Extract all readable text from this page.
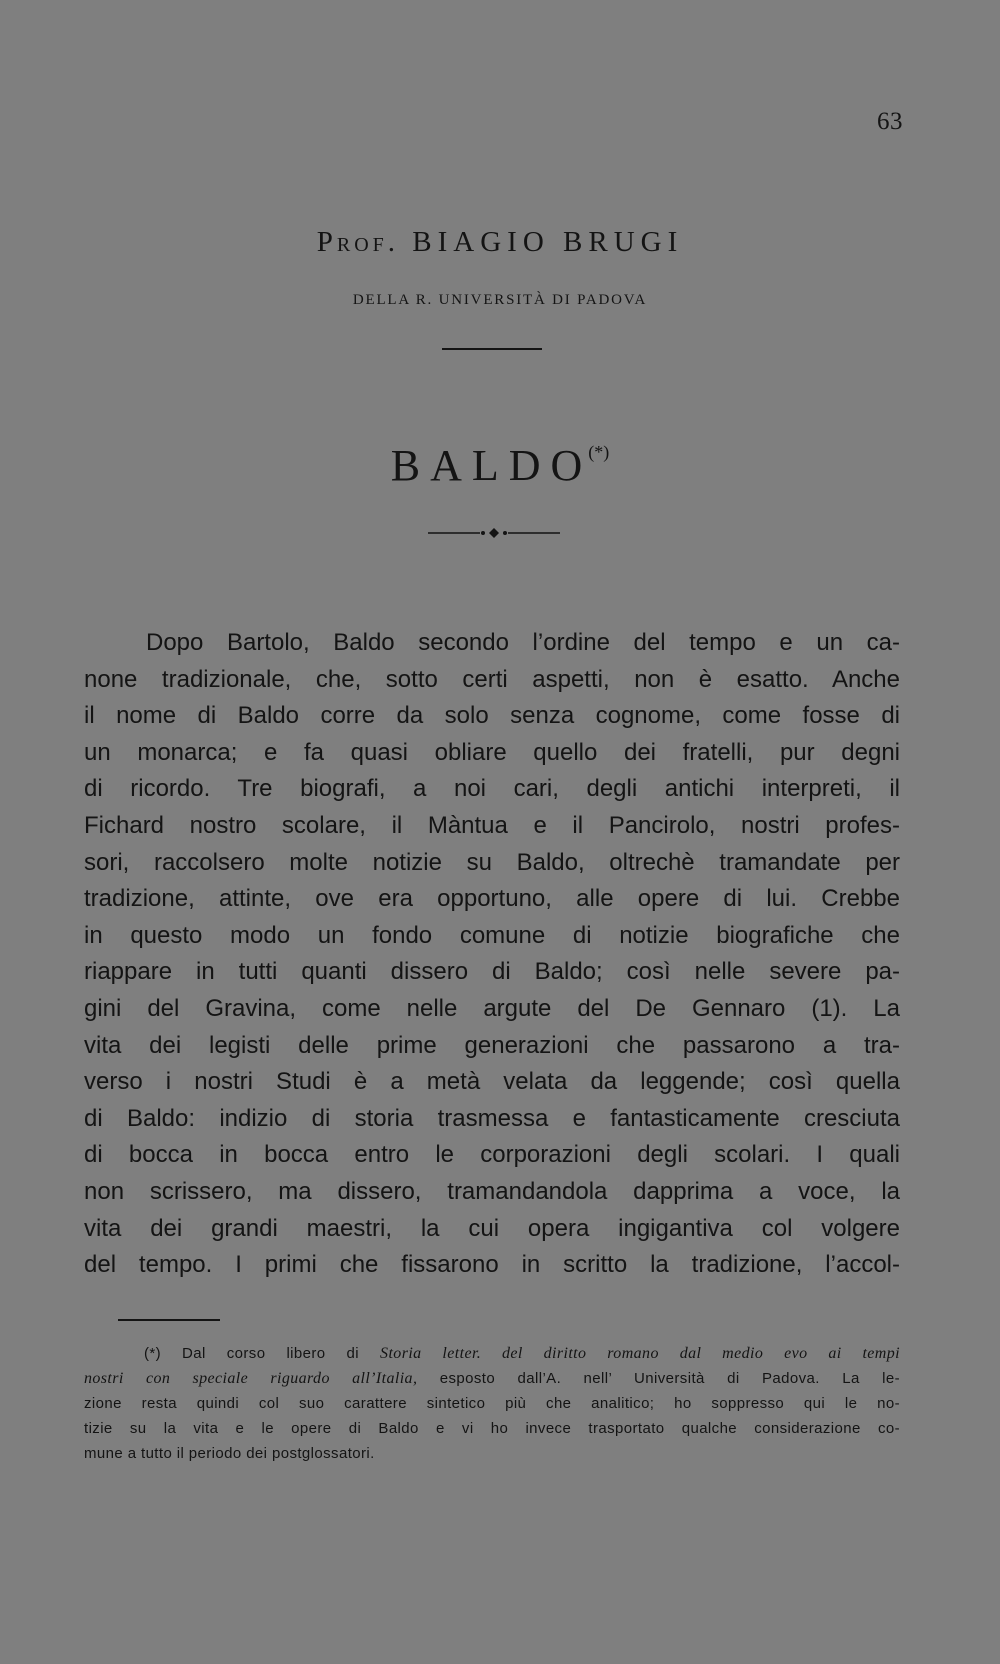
63
Prof. BIAGIO BRUGI
DELLA R. UNIVERSITÀ DI PADOVA
BALDO(*)
Dopo Bartolo, Baldo secondo l’ordine del tempo e un ca-
none tradizionale, che, sotto certi aspetti, non è esatto. Anche
il nome di Baldo corre da solo senza cognome, come fosse di
un monarca; e fa quasi obliare quello dei fratelli, pur degni
di ricordo. Tre biografi, a noi cari, degli antichi interpreti, il
Fichard nostro scolare, il Màntua e il Pancirolo, nostri profes-
sori, raccolsero molte notizie su Baldo, oltrechè tramandate per
tradizione, attinte, ove era opportuno, alle opere di lui. Crebbe
in questo modo un fondo comune di notizie biografiche che
riappare in tutti quanti dissero di Baldo; così nelle severe pa-
gini del Gravina, come nelle argute del De Gennaro (1). La
vita dei legisti delle prime generazioni che passarono a tra-
verso i nostri Studi è a metà velata da leggende; così quella
di Baldo: indizio di storia trasmessa e fantasticamente cresciuta
di bocca in bocca entro le corporazioni degli scolari. I quali
non scrissero, ma dissero, tramandandola dapprima a voce, la
vita dei grandi maestri, la cui opera ingigantiva col volgere
del tempo. I primi che fissarono in scritto la tradizione, l’accol-
(*) Dal corso libero di Storia letter. del diritto romano dal medio evo ai tempi
nostri con speciale riguardo all’Italia, esposto dall’A. nell’ Università di Padova. La le-
zione resta quindi col suo carattere sintetico più che analitico; ho soppresso qui le no-
tizie su la vita e le opere di Baldo e vi ho invece trasportato qualche considerazione co-
mune a tutto il periodo dei postglossatori.
